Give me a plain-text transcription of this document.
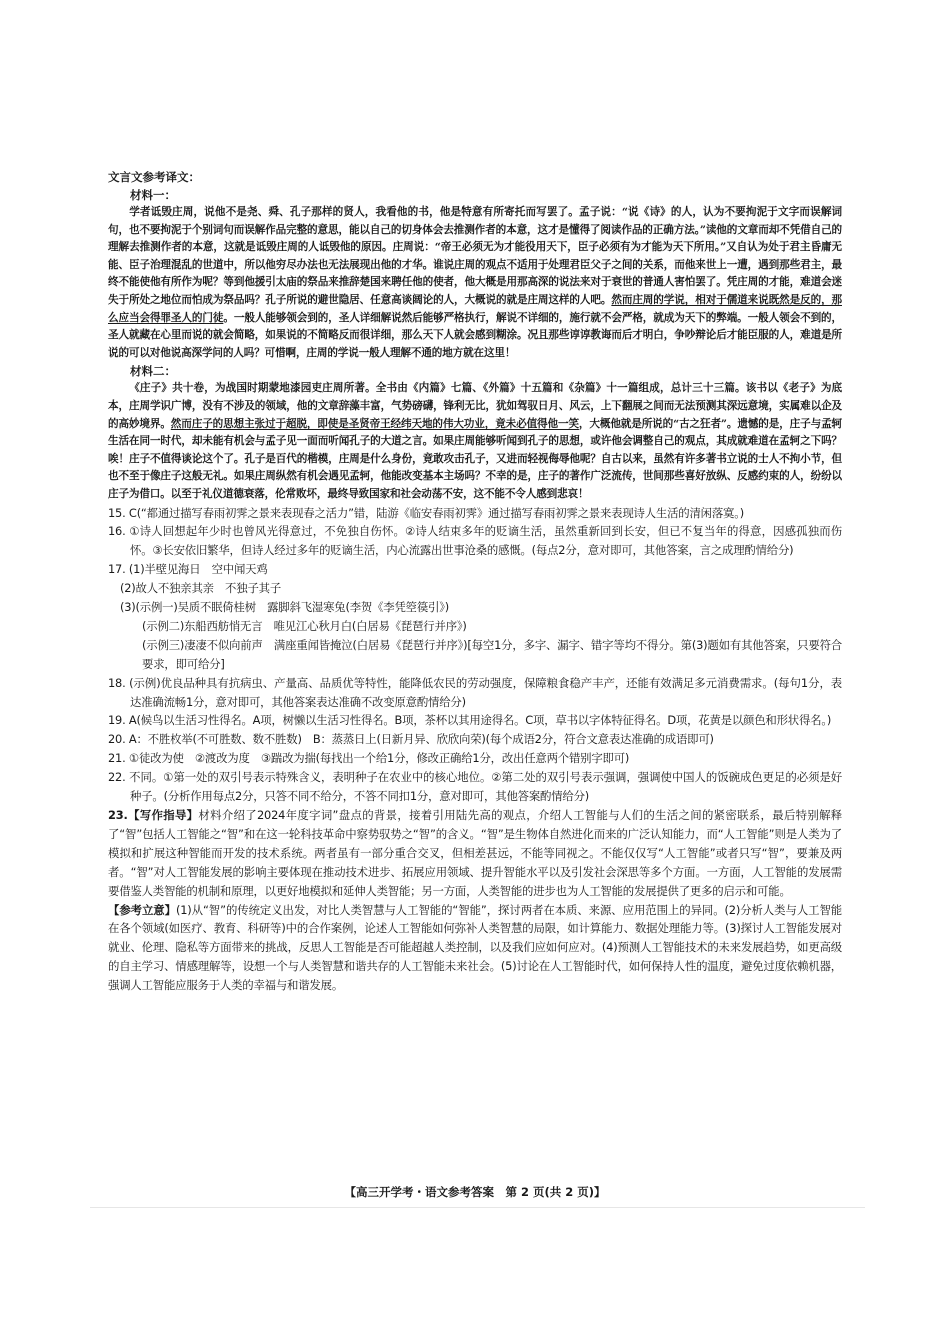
文言文参考译文：

材料一：

学者诋毁庄周，说他不是尧、舜、孔子那样的贤人，我看他的书，他是特意有所寄托而写罢了。孟子说：“说《诗》的人，认为不要拘泥于文字而误解词句，也不要拘泥于个别词句而误解作品完整的意思，能以自己的切身体会去推测作者的本意，这才是懂得了阅读作品的正确方法。”读他的文章而却不凭借自己的理解去推测作者的本意，这就是诋毁庄周的人诋毁他的原因。庄周说：“帝王必须无为才能役用天下，臣子必须有为才能为天下所用。”又自认为处于君主昏庸无能、臣子治理混乱的世道中，所以他穷尽办法也无法展现出他的才华。谁说庄周的观点不适用于处理君臣父子之间的关系，而他来世上一遭，遇到那些君主，最终不能使他有所作为呢？等到他援引太庙的祭品来推辞楚国来聘任他的使者，他大概是用那高深的说法来对于衰世的普通人害怕罢了。凭庄周的才能，难道会迷失于所处之地位而怕成为祭品吗？孔子所说的避世隐居、任意高谈阔论的人，大概说的就是庄周这样的人吧。然而庄周的学说，相对于儒道来说既然是反的，那么应当会得罪圣人的门徒。一般人能够领会到的，圣人详细解说然后能够严格执行，解说不详细的，施行就不会严格，就成为天下的弊端。一般人领会不到的，圣人就藏在心里而说的就会简略，如果说的不简略反而很详细，那么天下人就会感到糊涂。况且那些谆谆教诲而后才明白，争吵辩论后才能臣服的人，难道是所说的可以对他说高深学问的人吗？可惜啊，庄周的学说一般人理解不通的地方就在这里！

材料二：

《庄子》共十卷，为战国时期蒙地漆园吏庄周所著。全书由《内篇》七篇、《外篇》十五篇和《杂篇》十一篇组成，总计三十三篇。该书以《老子》为底本，庄周学识广博，没有不涉及的领域，他的文章辞藻丰富，气势磅礴，锋利无比，犹如驾驭日月、风云，上下翻展之间而无法预测其深远意境，实属难以企及的高妙境界。然而庄子的思想主张过于超脱，即使是圣贤帝王经纬天地的伟大功业，竟未必值得他一笑，大概他就是所说的“古之狂者”。遗憾的是，庄子与孟轲生活在同一时代，却未能有机会与孟子见一面而听闻孔子的大道之言。如果庄周能够听闻到孔子的思想，或许他会调整自己的观点，其成就难道在孟轲之下吗？唉！庄子不值得谈论这个了。孔子是百代的楷模，庄周是什么身份，竟敢攻击孔子，又进而轻视侮辱他呢？自古以来，虽然有许多著书立说的士人不拘小节，但也不至于像庄子这般无礼。如果庄周纵然有机会遇见孟轲，他能改变基本主场吗？不幸的是，庄子的著作广泛流传，世间那些喜好放纵、反感约束的人，纷纷以庄子为借口。以至于礼仪道德衰落，伦常败坏，最终导致国家和社会动荡不安，这不能不令人感到悲哀！

15. C(“都通过描写春雨初霁之景来表现春之活力”错，陆游《临安春雨初霁》通过描写春雨初霁之景来表现诗人生活的清闲落寞。)

16. ①诗人回想起年少时也曾风光得意过，不免独自伤怀。②诗人结束多年的贬谪生活，虽然重新回到长安，但已不复当年的得意，因感孤独而伤怀。③长安依旧繁华，但诗人经过多年的贬谪生活，内心流露出世事沧桑的感慨。(每点2分，意对即可，其他答案，言之成理酌情给分)

17. (1)半壁见海日　空中闻天鸡

(2)故人不独亲其亲　不独子其子

(3)(示例一)吴质不眠倚桂树　露脚斜飞湿寒兔(李贺《李凭箜篌引》)

(示例二)东船西舫悄无言　唯见江心秋月白(白居易《琵琶行并序》)

(示例三)凄凄不似向前声　满座重闻皆掩泣(白居易《琵琶行并序》)[每空1分，多字、漏字、错字等均不得分。第(3)题如有其他答案，只要符合要求，即可给分]

18. (示例)优良品种具有抗病虫、产量高、品质优等特性，能降低农民的劳动强度，保障粮食稳产丰产，还能有效满足多元消费需求。(每句1分，表达准确流畅1分，意对即可，其他答案表达准确不改变原意酌情给分)

19. A(候鸟以生活习性得名。A项，树懒以生活习性得名。B项，茶杯以其用途得名。C项，草书以字体特征得名。D项，花黄是以颜色和形状得名。)

20. A：不胜枚举(不可胜数、数不胜数)　B：蒸蒸日上(日新月异、欣欣向荣)(每个成语2分，符合文意表达准确的成语即可)

21. ①徒改为使　②渡改为度　③踹改为揣(每找出一个给1分，修改正确给1分，改出任意两个错别字即可)

22. 不同。①第一处的双引号表示特殊含义，表明种子在农业中的核心地位。②第二处的双引号表示强调，强调使中国人的饭碗成色更足的必须是好种子。(分析作用每点2分，只答不同不给分，不答不同扣1分，意对即可，其他答案酌情给分)

23.【写作指导】材料介绍了2024年度字词”盘点的背景，接着引用陆先高的观点，介绍人工智能与人们的生活之间的紧密联系，最后特别解释了“智”包括人工智能之“智”和在这一轮科技革命中察势驭势之“智”的含义。“智”是生物体自然进化而来的广泛认知能力，而“人工智能”则是人类为了模拟和扩展这种智能而开发的技术系统。两者虽有一部分重合交叉，但相差甚远，不能等同视之。不能仅仅写“人工智能”或者只写“智”，要兼及两者。“智”对人工智能发展的影响主要体现在推动技术进步、拓展应用领域、提升智能水平以及引发社会深思等多个方面。一方面，人工智能的发展需要借鉴人类智能的机制和原理，以更好地模拟和延伸人类智能；另一方面，人类智能的进步也为人工智能的发展提供了更多的启示和可能。

【参考立意】(1)从“智”的传统定义出发，对比人类智慧与人工智能的“智能”，探讨两者在本质、来源、应用范围上的异同。(2)分析人类与人工智能在各个领域(如医疗、教育、科研等)中的合作案例，论述人工智能如何弥补人类智慧的局限，如计算能力、数据处理能力等。(3)探讨人工智能发展对就业、伦理、隐私等方面带来的挑战，反思人工智能是否可能超越人类控制，以及我们应如何应对。(4)预测人工智能技术的未来发展趋势，如更高级的自主学习、情感理解等，设想一个与人类智慧和谐共存的人工智能未来社会。(5)讨论在人工智能时代，如何保持人性的温度，避免过度依赖机器，强调人工智能应服务于人类的幸福与和谐发展。

【高三开学考・语文参考答案　第 2 页(共 2 页)】
